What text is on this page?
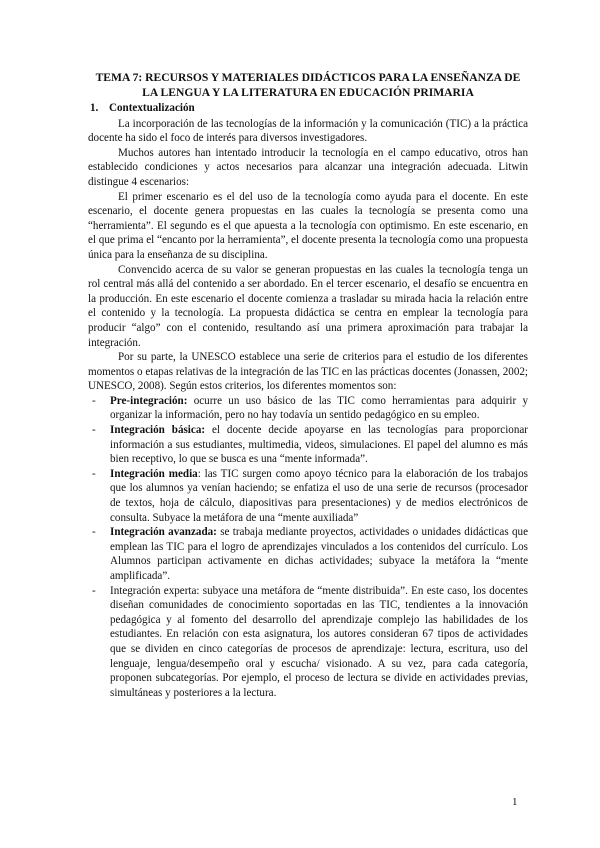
TEMA 7: RECURSOS Y MATERIALES DIDÁCTICOS PARA LA ENSEÑANZA DE LA LENGUA Y LA LITERATURA EN EDUCACIÓN PRIMARIA
1. Contextualización

La incorporación de las tecnologías de la información y la comunicación (TIC) a la práctica docente ha sido el foco de interés para diversos investigadores.

Muchos autores han intentado introducir la tecnología en el campo educativo, otros han establecido condiciones y actos necesarios para alcanzar una integración adecuada. Litwin distingue 4 escenarios:

El primer escenario es el del uso de la tecnología como ayuda para el docente. En este escenario, el docente genera propuestas en las cuales la tecnología se presenta como una “herramienta”. El segundo es el que apuesta a la tecnología con optimismo. En este escenario, en el que prima el “encanto por la herramienta”, el docente presenta la tecnología como una propuesta única para la enseñanza de su disciplina.

Convencido acerca de su valor se generan propuestas en las cuales la tecnología tenga un rol central más allá del contenido a ser abordado. En el tercer escenario, el desafío se encuentra en la producción. En este escenario el docente comienza a trasladar su mirada hacia la relación entre el contenido y la tecnología. La propuesta didáctica se centra en emplear la tecnología para producir “algo” con el contenido, resultando así una primera aproximación para trabajar la integración.

Por su parte, la UNESCO establece una serie de criterios para el estudio de los diferentes momentos o etapas relativas de la integración de las TIC en las prácticas docentes (Jonassen, 2002; UNESCO, 2008). Según estos criterios, los diferentes momentos son:

- Pre-integración: ocurre un uso básico de las TIC como herramientas para adquirir y organizar la información, pero no hay todavía un sentido pedagógico en su empleo.
- Integración básica: el docente decide apoyarse en las tecnologías para proporcionar información a sus estudiantes, multimedia, videos, simulaciones. El papel del alumno es más bien receptivo, lo que se busca es una “mente informada”.
- Integración media: las TIC surgen como apoyo técnico para la elaboración de los trabajos que los alumnos ya venían haciendo; se enfatiza el uso de una serie de recursos (procesador de textos, hoja de cálculo, diapositivas para presentaciones) y de medios electrónicos de consulta. Subyace la metáfora de una “mente auxiliada”
- Integración avanzada: se trabaja mediante proyectos, actividades o unidades didácticas que emplean las TIC para el logro de aprendizajes vinculados a los contenidos del currículo. Los Alumnos participan activamente en dichas actividades; subyace la metáfora la “mente amplificada”.
- Integración experta: subyace una metáfora de “mente distribuida”. En este caso, los docentes diseñan comunidades de conocimiento soportadas en las TIC, tendientes a la innovación pedagógica y al fomento del desarrollo del aprendizaje complejo las habilidades de los estudiantes. En relación con esta asignatura, los autores consideran 67 tipos de actividades que se dividen en cinco categorías de procesos de aprendizaje: lectura, escritura, uso del lenguaje, lengua/desempeño oral y escucha/ visionado. A su vez, para cada categoría, proponen subcategorías. Por ejemplo, el proceso de lectura se divide en actividades previas, simultáneas y posteriores a la lectura.
1
